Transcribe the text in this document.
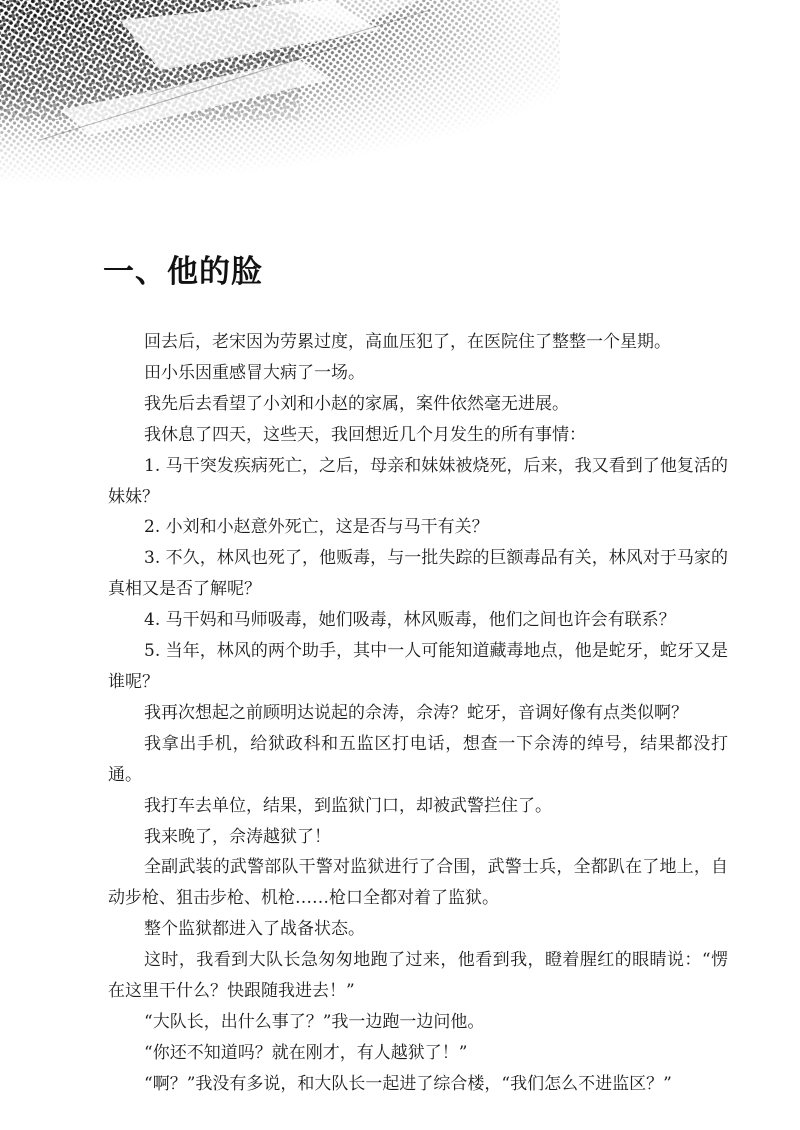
一、他的脸

回去后，老宋因为劳累过度，高血压犯了，在医院住了整整一个星期。

田小乐因重感冒大病了一场。

我先后去看望了小刘和小赵的家属，案件依然毫无进展。

我休息了四天，这些天，我回想近几个月发生的所有事情：

1. 马干突发疾病死亡，之后，母亲和妹妹被烧死，后来，我又看到了他复活的妹妹？

2. 小刘和小赵意外死亡，这是否与马干有关？

3. 不久，林风也死了，他贩毒，与一批失踪的巨额毒品有关，林风对于马家的真相又是否了解呢？

4. 马干妈和马师吸毒，她们吸毒，林风贩毒，他们之间也许会有联系？

5. 当年，林风的两个助手，其中一人可能知道藏毒地点，他是蛇牙，蛇牙又是谁呢？

我再次想起之前顾明达说起的佘涛，佘涛？蛇牙，音调好像有点类似啊？

我拿出手机，给狱政科和五监区打电话，想查一下佘涛的绰号，结果都没打通。

我打车去单位，结果，到监狱门口，却被武警拦住了。

我来晚了，佘涛越狱了！

全副武装的武警部队干警对监狱进行了合围，武警士兵，全都趴在了地上，自动步枪、狙击步枪、机枪……枪口全都对着了监狱。

整个监狱都进入了战备状态。

这时，我看到大队长急匆匆地跑了过来，他看到我，瞪着腥红的眼睛说：“愣在这里干什么？快跟随我进去！”

“大队长，出什么事了？”我一边跑一边问他。

“你还不知道吗？就在刚才，有人越狱了！”

“啊？”我没有多说，和大队长一起进了综合楼，“我们怎么不进监区？”
